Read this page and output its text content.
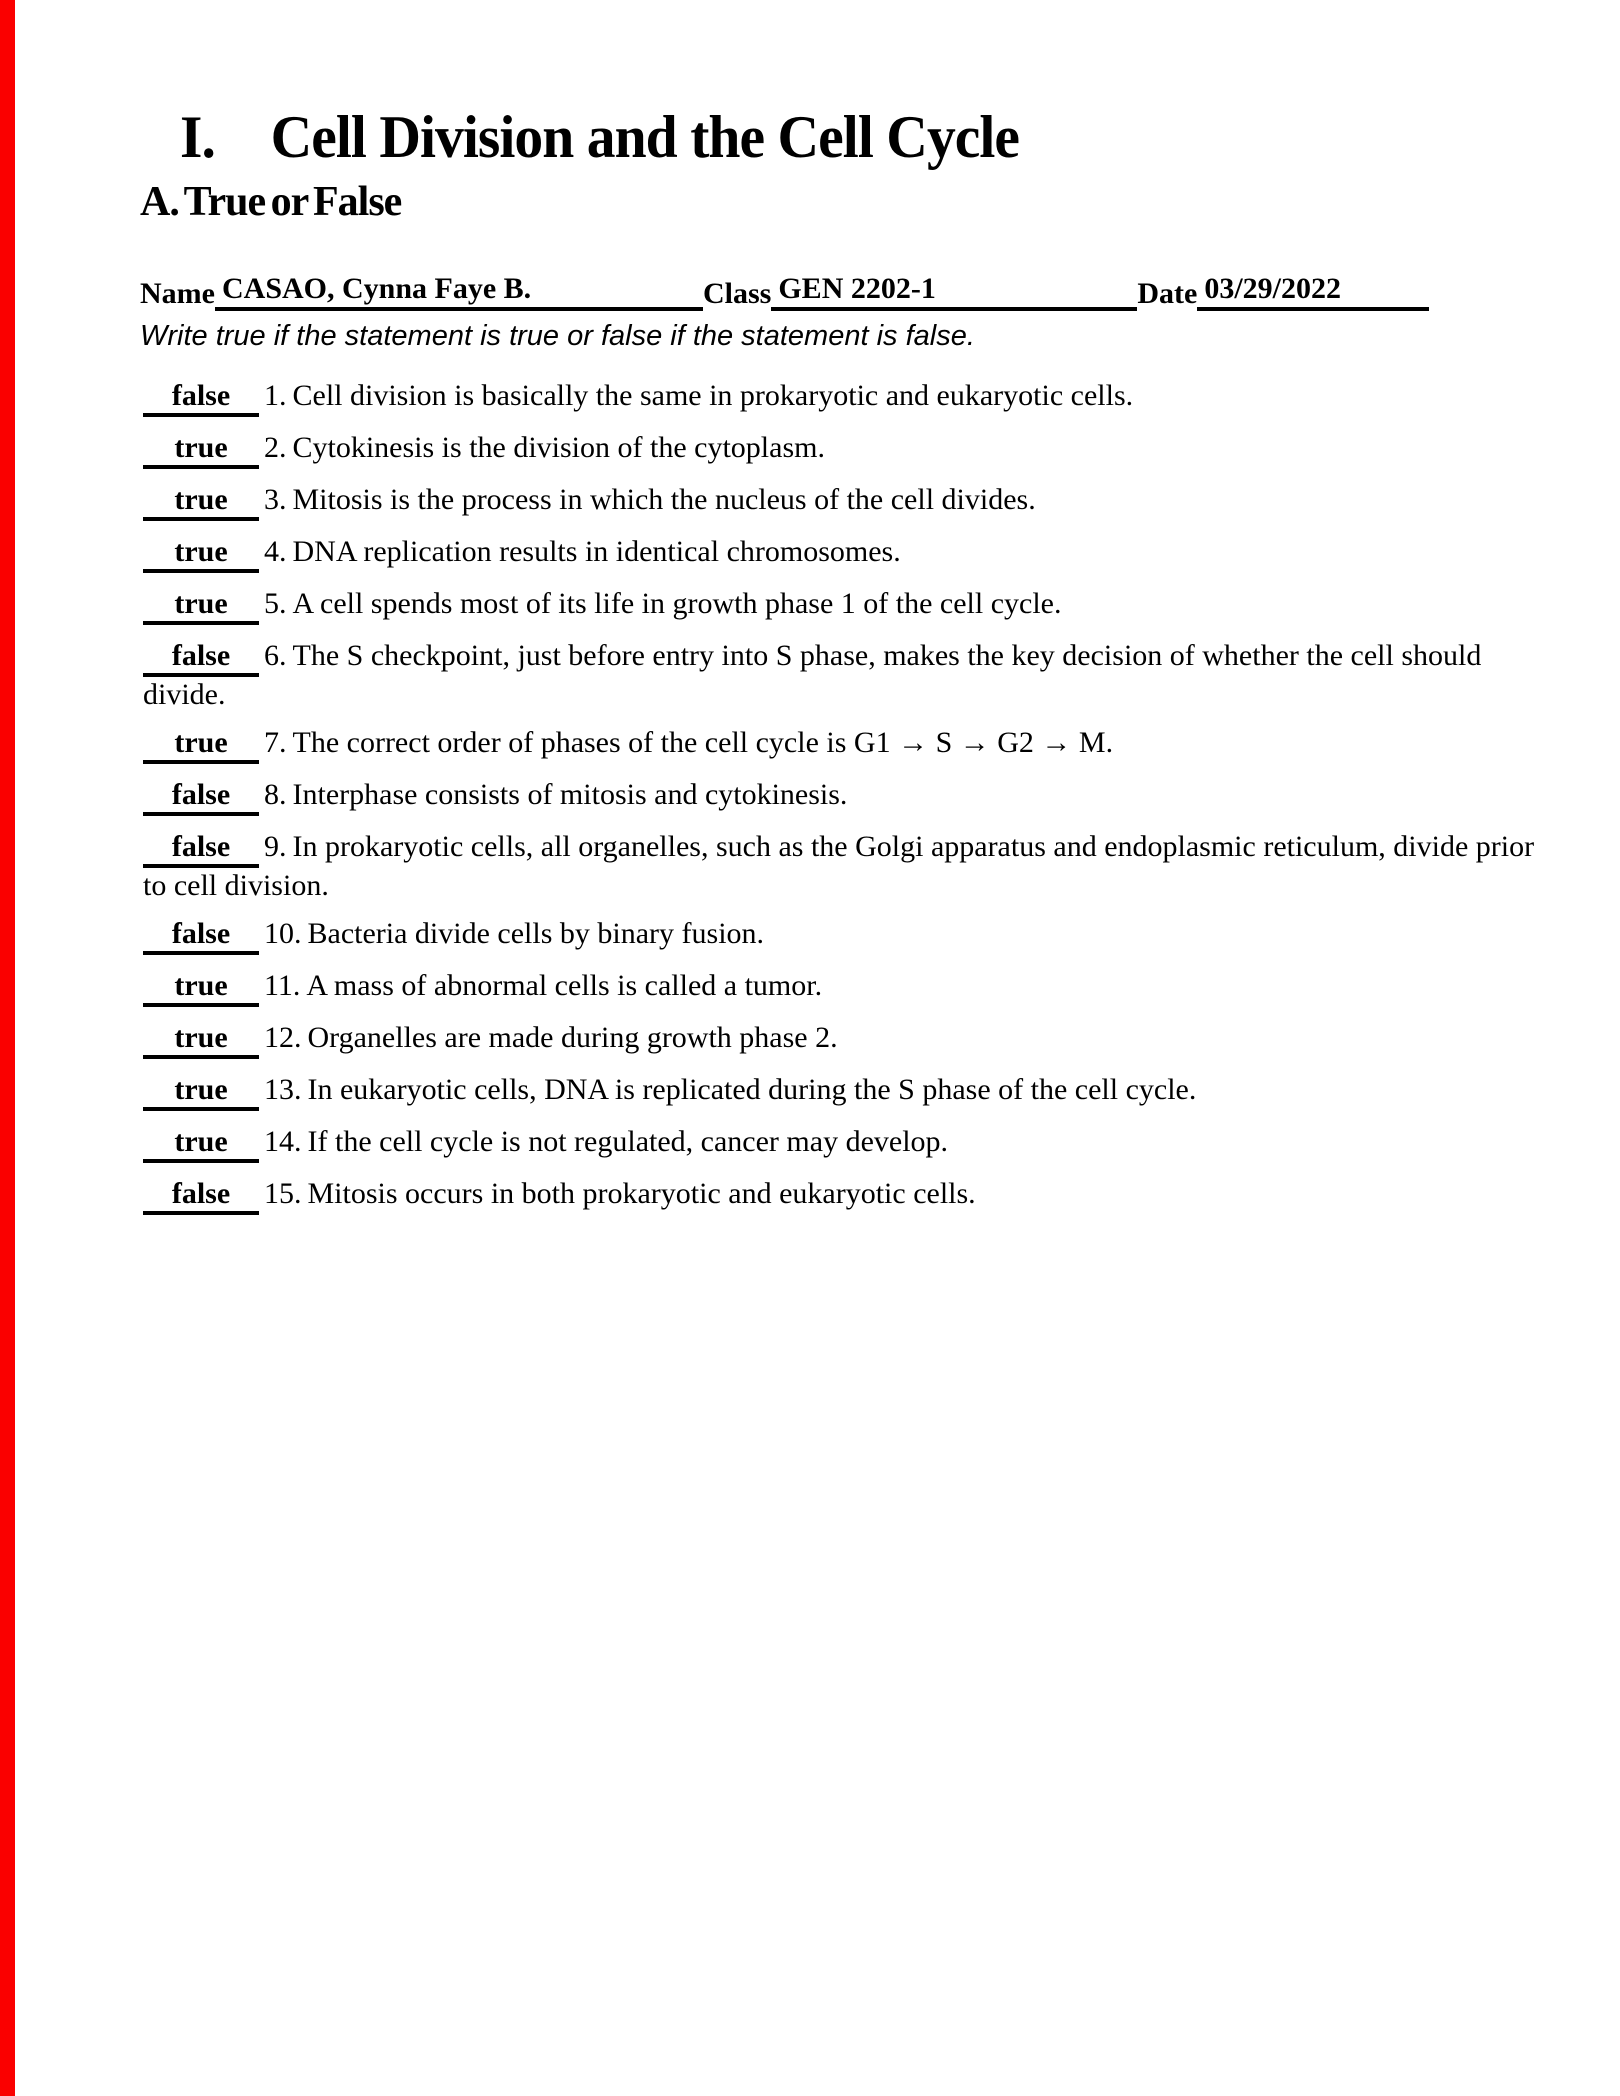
I. Cell Division and the Cell Cycle
A. True or False
Name CASAO, Cynna Faye B.	Class GEN 2202-1	Date 03/29/2022
Write true if the statement is true or false if the statement is false.
false 1. Cell division is basically the same in prokaryotic and eukaryotic cells.
true 2. Cytokinesis is the division of the cytoplasm.
true 3. Mitosis is the process in which the nucleus of the cell divides.
true 4. DNA replication results in identical chromosomes.
true 5. A cell spends most of its life in growth phase 1 of the cell cycle.
false 6. The S checkpoint, just before entry into S phase, makes the key decision of whether the cell should divide.
true 7. The correct order of phases of the cell cycle is G1 → S → G2 → M.
false 8. Interphase consists of mitosis and cytokinesis.
false 9. In prokaryotic cells, all organelles, such as the Golgi apparatus and endoplasmic reticulum, divide prior to cell division.
false 10. Bacteria divide cells by binary fusion.
true 11. A mass of abnormal cells is called a tumor.
true 12. Organelles are made during growth phase 2.
true 13. In eukaryotic cells, DNA is replicated during the S phase of the cell cycle.
true 14. If the cell cycle is not regulated, cancer may develop.
false 15. Mitosis occurs in both prokaryotic and eukaryotic cells.
